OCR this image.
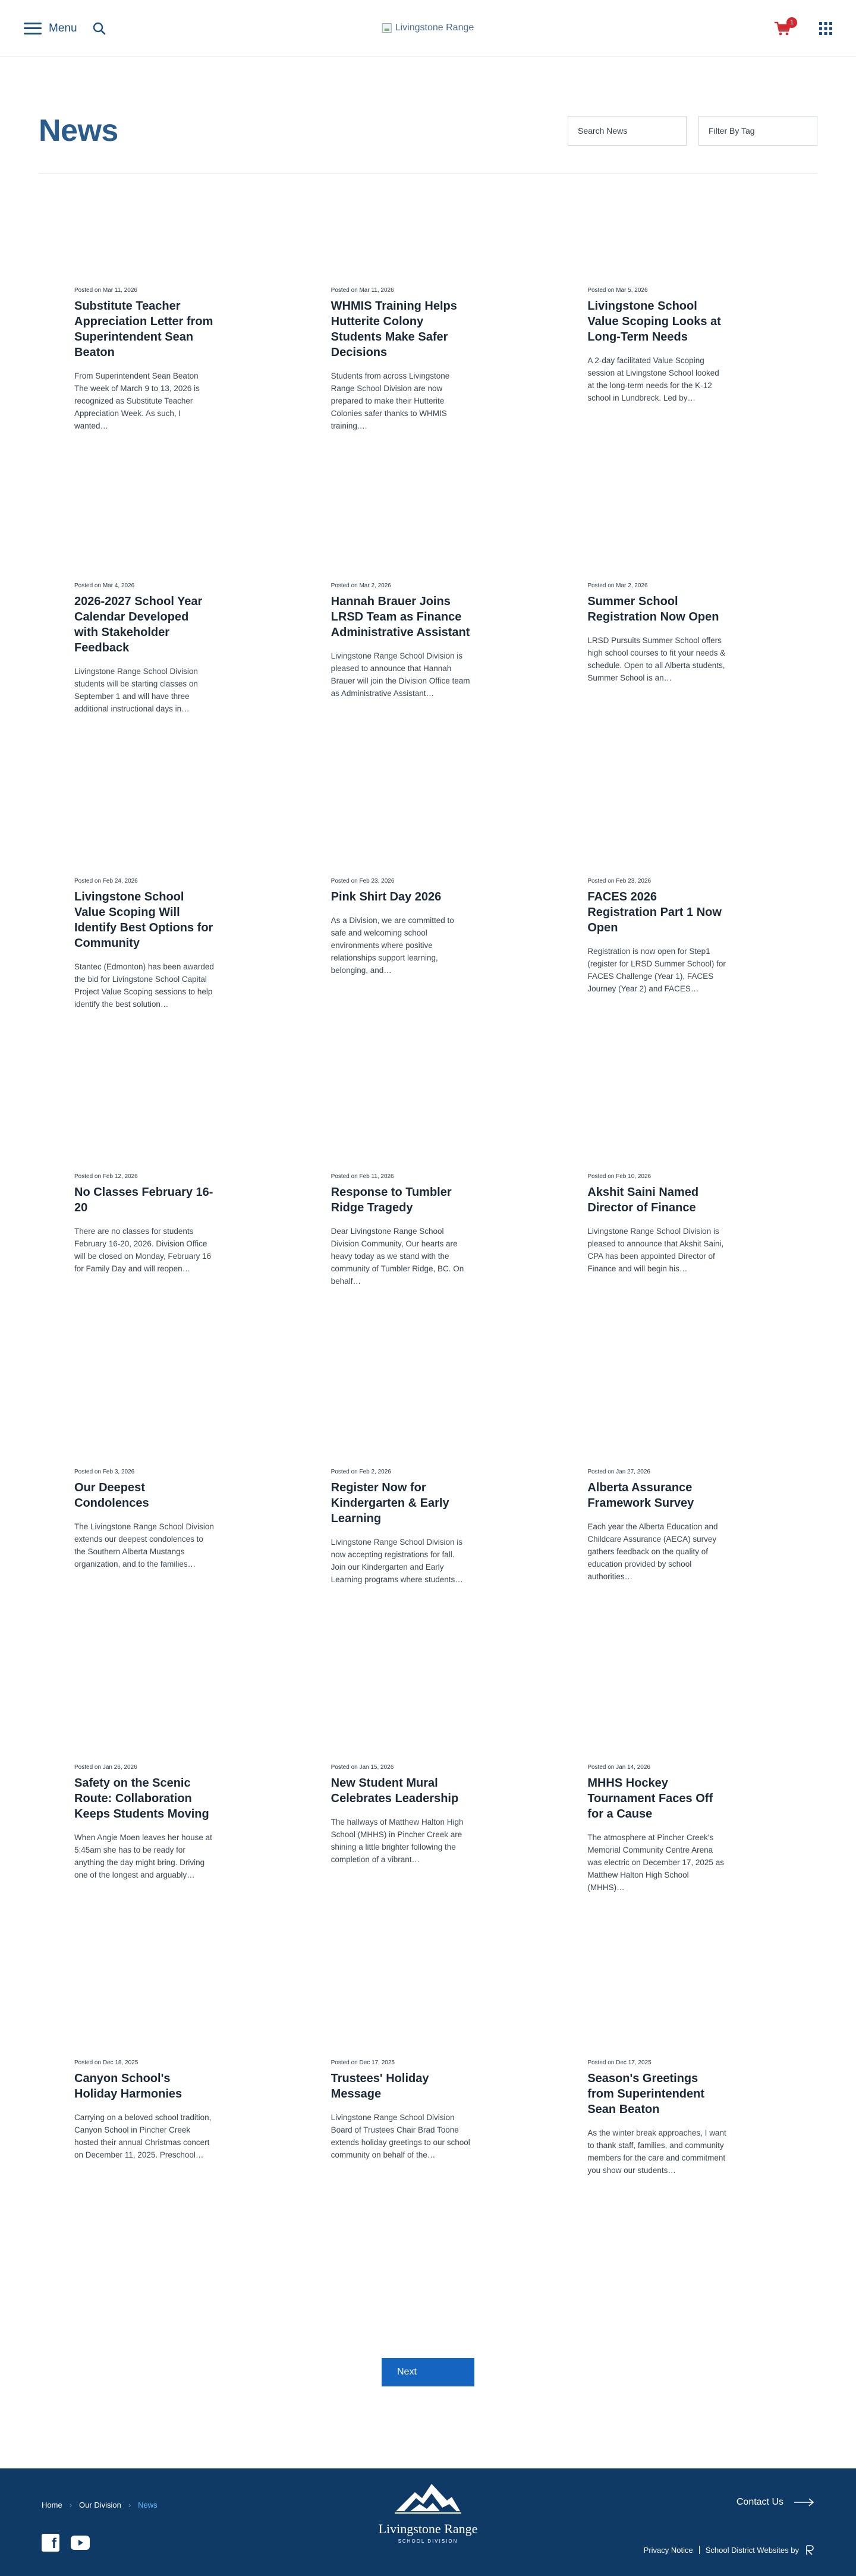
Menu	Livingstone Range
1
News
Search News	Filter By Tag
Posted on Mar 11, 2026
Substitute Teacher Appreciation Letter from Superintendent Sean Beaton

From Superintendent Sean Beaton The week of March 9 to 13, 2026 is recognized as Substitute Teacher Appreciation Week. As such, I wanted…

Posted on Mar 11, 2026
WHMIS Training Helps Hutterite Colony Students Make Safer Decisions

Students from across Livingstone Range School Division are now prepared to make their Hutterite Colonies safer thanks to WHMIS training.…

Posted on Mar 5, 2026
Livingstone School Value Scoping Looks at Long-Term Needs

A 2-day facilitated Value Scoping session at Livingstone School looked at the long-term needs for the K-12 school in Lundbreck. Led by…

Posted on Mar 4, 2026
2026-2027 School Year Calendar Developed with Stakeholder Feedback

Livingstone Range School Division students will be starting classes on September 1 and will have three additional instructional days in…

Posted on Mar 2, 2026
Hannah Brauer Joins LRSD Team as Finance Administrative Assistant

Livingstone Range School Division is pleased to announce that Hannah Brauer will join the Division Office team as Administrative Assistant…

Posted on Mar 2, 2026
Summer School Registration Now Open

LRSD Pursuits Summer School offers high school courses to fit your needs & schedule. Open to all Alberta students, Summer School is an…

Posted on Feb 24, 2026
Livingstone School Value Scoping Will Identify Best Options for Community

Stantec (Edmonton) has been awarded the bid for Livingstone School Capital Project Value Scoping sessions to help identify the best solution…

Posted on Feb 23, 2026
Pink Shirt Day 2026

As a Division, we are committed to safe and welcoming school environments where positive relationships support learning, belonging, and…

Posted on Feb 23, 2026
FACES 2026 Registration Part 1 Now Open

Registration is now open for Step1 (register for LRSD Summer School) for FACES Challenge (Year 1), FACES Journey (Year 2) and FACES…

Posted on Feb 12, 2026
No Classes February 16-20

There are no classes for students February 16-20, 2026. Division Office will be closed on Monday, February 16 for Family Day and will reopen…

Posted on Feb 11, 2026
Response to Tumbler Ridge Tragedy

Dear Livingstone Range School Division Community, Our hearts are heavy today as we stand with the community of Tumbler Ridge, BC. On behalf…

Posted on Feb 10, 2026
Akshit Saini Named Director of Finance

Livingstone Range School Division is pleased to announce that Akshit Saini, CPA has been appointed Director of Finance and will begin his…

Posted on Feb 3, 2026
Our Deepest Condolences

The Livingstone Range School Division extends our deepest condolences to the Southern Alberta Mustangs organization, and to the families…

Posted on Feb 2, 2026
Register Now for Kindergarten & Early Learning

Livingstone Range School Division is now accepting registrations for fall. Join our Kindergarten and Early Learning programs where students…

Posted on Jan 27, 2026
Alberta Assurance Framework Survey

Each year the Alberta Education and Childcare Assurance (AECA) survey gathers feedback on the quality of education provided by school authorities…

Posted on Jan 26, 2026
Safety on the Scenic Route: Collaboration Keeps Students Moving

When Angie Moen leaves her house at 5:45am she has to be ready for anything the day might bring. Driving one of the longest and arguably…

Posted on Jan 15, 2026
New Student Mural Celebrates Leadership

The hallways of Matthew Halton High School (MHHS) in Pincher Creek are shining a little brighter following the completion of a vibrant…

Posted on Jan 14, 2026
MHHS Hockey Tournament Faces Off for a Cause

The atmosphere at Pincher Creek's Memorial Community Centre Arena was electric on December 17, 2025 as Matthew Halton High School (MHHS)…

Posted on Dec 18, 2025
Canyon School's Holiday Harmonies

Carrying on a beloved school tradition, Canyon School in Pincher Creek hosted their annual Christmas concert on December 11, 2025. Preschool…

Posted on Dec 17, 2025
Trustees' Holiday Message

Livingstone Range School Division Board of Trustees Chair Brad Toone extends holiday greetings to our school community on behalf of the…

Posted on Dec 17, 2025
Season's Greetings from Superintendent Sean Beaton

As the winter break approaches, I want to thank staff, families, and community members for the care and commitment you show our students…

Next
Home › Our Division › News
f
Livingstone Range
SCHOOL DIVISION
Contact Us
Privacy Notice School District Websites by
